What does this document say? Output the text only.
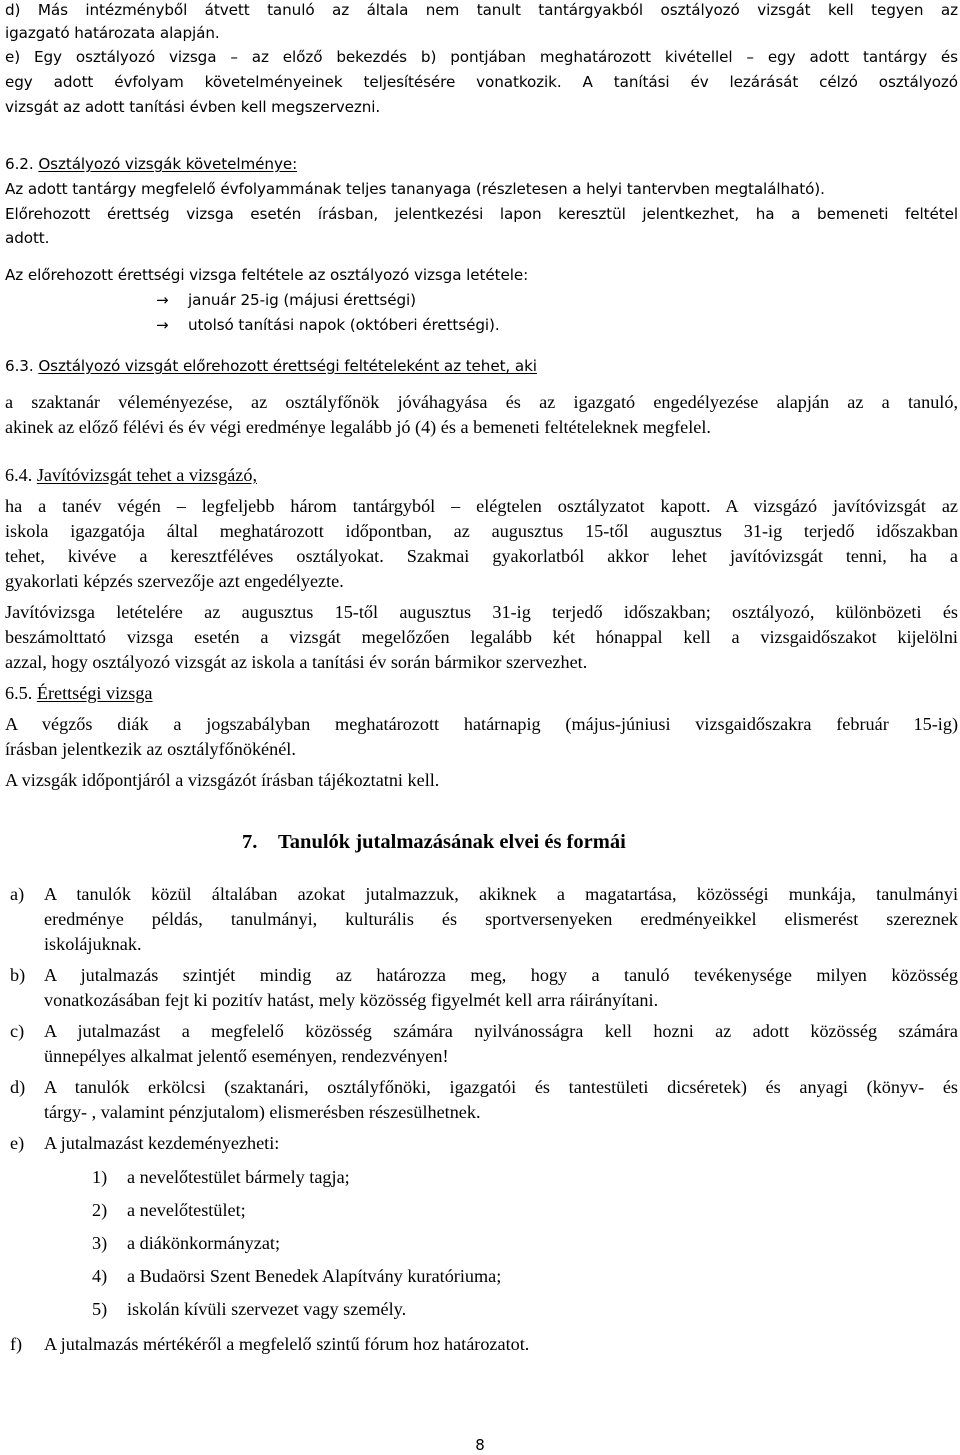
d) Más intézményből átvett tanuló az általa nem tanult tantárgyakból osztályozó vizsgát kell tegyen az
igazgató határozata alapján.
e) Egy osztályozó vizsga – az előző bekezdés b) pontjában meghatározott kivétellel – egy adott tantárgy és
egy adott évfolyam követelményeinek teljesítésére vonatkozik. A tanítási év lezárását célzó osztályozó
vizsgát az adott tanítási évben kell megszervezni.
6.2. Osztályozó vizsgák követelménye:
Az adott tantárgy megfelelő évfolyammának teljes tananyaga (részletesen a helyi tantervben megtalálható).
Előrehozott érettség vizsga esetén írásban, jelentkezési lapon keresztül jelentkezhet, ha a bemeneti feltétel
adott.
Az előrehozott érettségi vizsga feltétele az osztályozó vizsga letétele:
→ január 25-ig (májusi érettségi)
→ utolsó tanítási napok (októberi érettségi).
6.3. Osztályozó vizsgát előrehozott érettségi feltételeként az tehet, aki
a szaktanár véleményezése, az osztályfőnök jóváhagyása és az igazgató engedélyezése alapján az a tanuló,
akinek az előző félévi és év végi eredménye legalább jó (4) és a bemeneti feltételeknek megfelel.
6.4. Javítóvizsgát tehet a vizsgázó,
ha a tanév végén – legfeljebb három tantárgyból – elégtelen osztályzatot kapott. A vizsgázó javítóvizsgát az
iskola igazgatója által meghatározott időpontban, az augusztus 15-től augusztus 31-ig terjedő időszakban
tehet, kivéve a keresztféléves osztályokat. Szakmai gyakorlatból akkor lehet javítóvizsgát tenni, ha a
gyakorlati képzés szervezője azt engedélyezte.
Javítóvizsga letételére az augusztus 15-től augusztus 31-ig terjedő időszakban; osztályozó, különbözeti és
beszámolttató vizsga esetén a vizsgát megelőzően legalább két hónappal kell a vizsgaidőszakot kijelölni
azzal, hogy osztályozó vizsgát az iskola a tanítási év során bármikor szervezhet.
6.5. Érettségi vizsga
A végzős diák a jogszabályban meghatározott határnapig (május-júniusi vizsgaidőszakra február 15-ig)
írásban jelentkezik az osztályfőnökénél.
A vizsgák időpontjáról a vizsgázót írásban tájékoztatni kell.
7. Tanulók jutalmazásának elvei és formái
a) A tanulók közül általában azokat jutalmazzuk, akiknek a magatartása, közösségi munkája, tanulmányi
eredménye példás, tanulmányi, kulturális és sportversenyeken eredményeikkel elismerést szereznek
iskolájuknak.
b) A jutalmazás szintjét mindig az határozza meg, hogy a tanuló tevékenysége milyen közösség
vonatkozásában fejt ki pozitív hatást, mely közösség figyelmét kell arra ráirányítani.
c) A jutalmazást a megfelelő közösség számára nyilvánosságra kell hozni az adott közösség számára
ünnepélyes alkalmat jelentő eseményen, rendezvényen!
d) A tanulók erkölcsi (szaktanári, osztályfőnöki, igazgatói és tantestületi dicséretek) és anyagi (könyv- és
tárgy- , valamint pénzjutalom) elismerésben részesülhetnek.
e) A jutalmazást kezdeményezheti:
1) a nevelőtestület bármely tagja;
2) a nevelőtestület;
3) a diákönkormányzat;
4) a Budaörsi Szent Benedek Alapítvány kuratóriuma;
5) iskolán kívüli szervezet vagy személy.
f) A jutalmazás mértékéről a megfelelő szintű fórum hoz határozatot.
8
